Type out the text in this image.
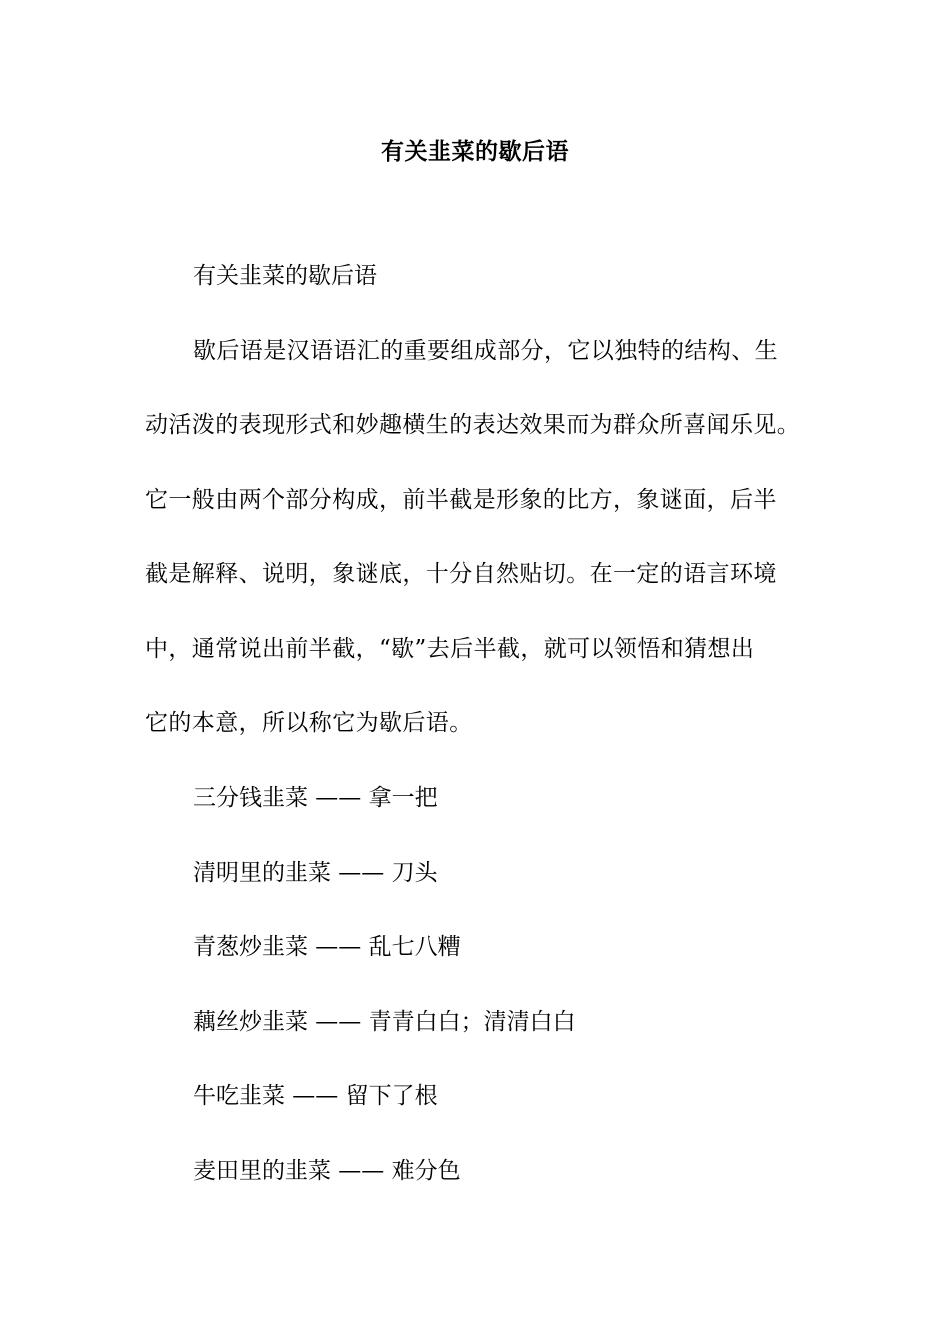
有关韭菜的歇后语
有关韭菜的歇后语
歇后语是汉语语汇的重要组成部分，它以独特的结构、生
动活泼的表现形式和妙趣横生的表达效果而为群众所喜闻乐见。
它一般由两个部分构成，前半截是形象的比方，象谜面，后半
截是解释、说明，象谜底，十分自然贴切。在一定的语言环境
中，通常说出前半截，“歇”去后半截，就可以领悟和猜想出
它的本意，所以称它为歇后语。
三分钱韭菜 —— 拿一把
清明里的韭菜 —— 刀头
青葱炒韭菜 —— 乱七八糟
藕丝炒韭菜 —— 青青白白；清清白白
牛吃韭菜 —— 留下了根
麦田里的韭菜 —— 难分色
